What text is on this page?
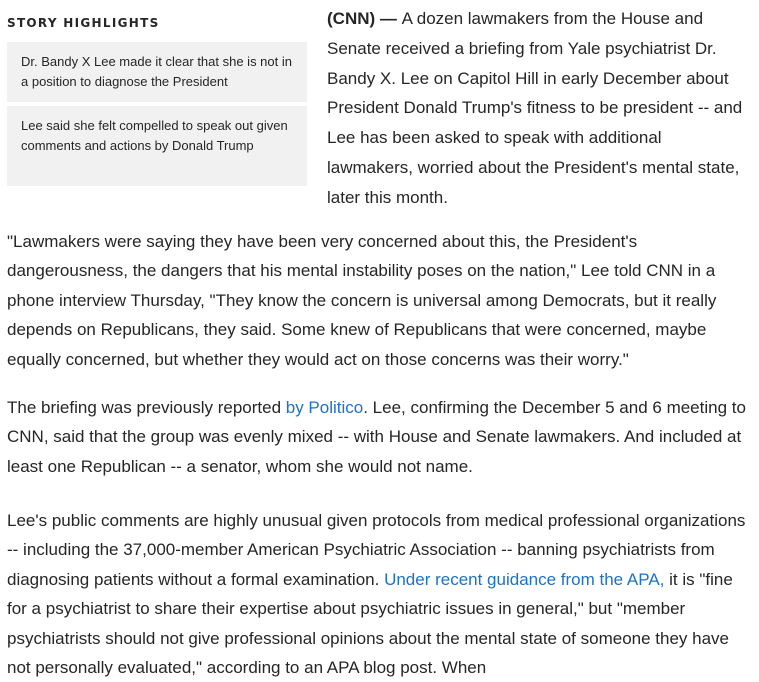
STORY HIGHLIGHTS
Dr. Bandy X Lee made it clear that she is not in a position to diagnose the President
Lee said she felt compelled to speak out given comments and actions by Donald Trump

(CNN) — A dozen lawmakers from the House and Senate received a briefing from Yale psychiatrist Dr. Bandy X. Lee on Capitol Hill in early December about President Donald Trump's fitness to be president -- and Lee has been asked to speak with additional lawmakers, worried about the President's mental state, later this month.

"Lawmakers were saying they have been very concerned about this, the President's dangerousness, the dangers that his mental instability poses on the nation," Lee told CNN in a phone interview Thursday, "They know the concern is universal among Democrats, but it really depends on Republicans, they said. Some knew of Republicans that were concerned, maybe equally concerned, but whether they would act on those concerns was their worry."

The briefing was previously reported by Politico. Lee, confirming the December 5 and 6 meeting to CNN, said that the group was evenly mixed -- with House and Senate lawmakers. And included at least one Republican -- a senator, whom she would not name.

Lee's public comments are highly unusual given protocols from medical professional organizations -- including the 37,000-member American Psychiatric Association -- banning psychiatrists from diagnosing patients without a formal examination. Under recent guidance from the APA, it is "fine for a psychiatrist to share their expertise about psychiatric issues in general," but "member psychiatrists should not give professional opinions about the mental state of someone they have not personally evaluated," according to an APA blog post. When
